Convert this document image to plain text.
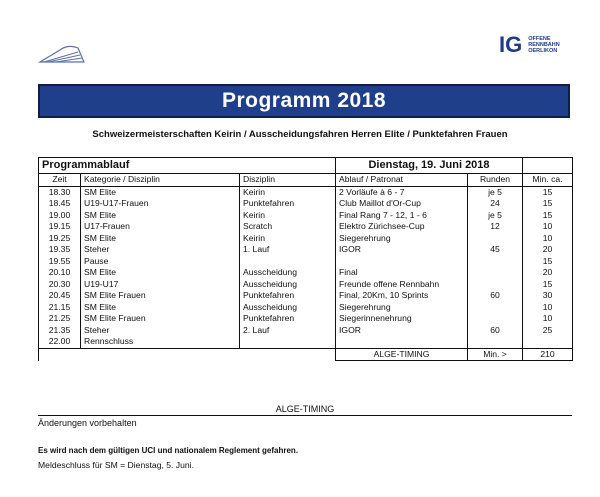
IG OFFENE
RENNBAHN
OERLIKON
Programm 2018
Schweizermeisterschaften Keirin / Ausscheidungsfahren Herren Elite / Punktefahren Frauen
Programmablauf			Dienstag, 19. Juni 2018		
Zeit	Kategorie / Disziplin	Disziplin	Ablauf / Patronat	Runden	Min. ca.
18.30	SM Elite	Keirin	2 Vorläufe à 6 - 7	je 5	15
18.45	U19-U17-Frauen	Punktefahren	Club Maillot d'Or-Cup	24	15
19.00	SM Elite	Keirin	Final Rang 7 - 12, 1 - 6	je 5	15
19.15	U17-Frauen	Scratch	Elektro Zürichsee-Cup	12	10
19.25	SM Elite	Keirin	Siegerehrung		10
19.35	Steher	1. Lauf	IGOR	45	20
19.55	Pause				15
20.10	SM Elite	Ausscheidung	Final		20
20.30	U19-U17	Ausscheidung	Freunde offene Rennbahn		15
20.45	SM Elite Frauen	Punktefahren	Final, 20Km, 10 Sprints	60	30
21.15	SM Elite	Ausscheidung	Siegerehrung		10
21.25	SM Elite Frauen	Punktefahren	Siegerinnenehrung		10
21.35	Steher	2. Lauf	IGOR	60	25
22.00	Rennschluss				
			ALGE-TIMING	Min. >	210
ALGE-TIMING
Änderungen vorbehalten
Es wird nach dem gültigen UCI und nationalem Reglement gefahren.
Meldeschluss für SM = Dienstag, 5. Juni.
